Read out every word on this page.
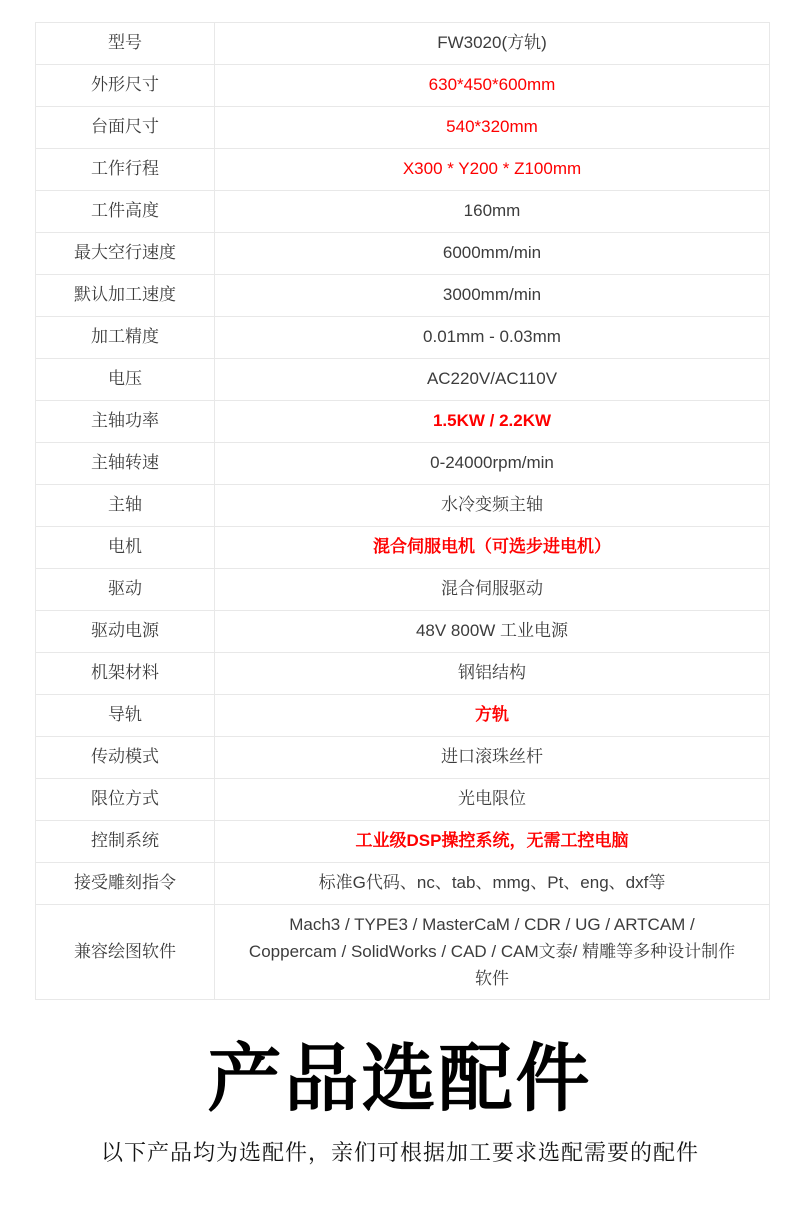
型号	FW3020(方轨)
外形尺寸	630*450*600mm
台面尺寸	540*320mm
工作行程	X300 * Y200 * Z100mm
工件高度	160mm
最大空行速度	6000mm/min
默认加工速度	3000mm/min
加工精度	0.01mm - 0.03mm
电压	AC220V/AC110V
主轴功率	1.5KW / 2.2KW
主轴转速	0-24000rpm/min
主轴	水冷变频主轴
电机	混合伺服电机（可选步进电机）
驱动	混合伺服驱动
驱动电源	48V 800W 工业电源
机架材料	钢铝结构
导轨	方轨
传动模式	进口滚珠丝杆
限位方式	光电限位
控制系统	工业级DSP操控系统，无需工控电脑
接受雕刻指令	标准G代码、nc、tab、mmg、Pt、eng、dxf等
兼容绘图软件	Mach3 / TYPE3 / MasterCaM / CDR / UG / ARTCAM / Coppercam / SolidWorks / CAD / CAM文泰/ 精雕等多种设计制作软件
产品选配件
以下产品均为选配件，亲们可根据加工要求选配需要的配件
